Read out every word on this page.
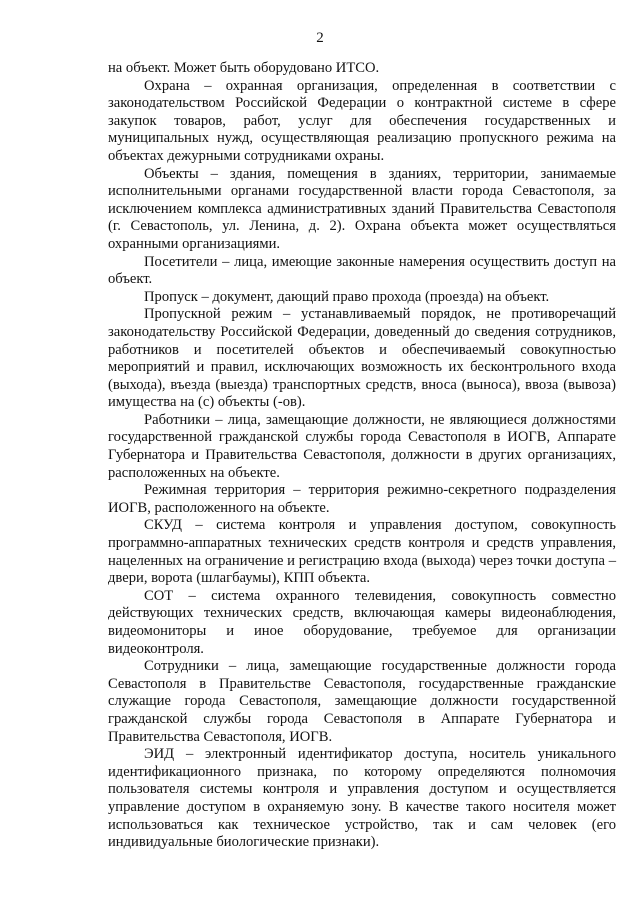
2

на объект. Может быть оборудовано ИТСО.

Охрана – охранная организация, определенная в соответствии с законодательством Российской Федерации о контрактной системе в сфере закупок товаров, работ, услуг для обеспечения государственных и муниципальных нужд, осуществляющая реализацию пропускного режима на объектах дежурными сотрудниками охраны.

Объекты – здания, помещения в зданиях, территории, занимаемые исполнительными органами государственной власти города Севастополя, за исключением комплекса административных зданий Правительства Севастополя (г. Севастополь, ул. Ленина, д. 2). Охрана объекта может осуществляться охранными организациями.

Посетители – лица, имеющие законные намерения осуществить доступ на объект.

Пропуск – документ, дающий право прохода (проезда) на объект.

Пропускной режим – устанавливаемый порядок, не противоречащий законодательству Российской Федерации, доведенный до сведения сотрудников, работников и посетителей объектов и обеспечиваемый совокупностью мероприятий и правил, исключающих возможность их бесконтрольного входа (выхода), въезда (выезда) транспортных средств, вноса (выноса), ввоза (вывоза) имущества на (с) объекты (-ов).

Работники – лица, замещающие должности, не являющиеся должностями государственной гражданской службы города Севастополя в ИОГВ, Аппарате Губернатора и Правительства Севастополя, должности в других организациях, расположенных на объекте.

Режимная территория – территория режимно-секретного подразделения ИОГВ, расположенного на объекте.

СКУД – система контроля и управления доступом, совокупность программно-аппаратных технических средств контроля и средств управления, нацеленных на ограничение и регистрацию входа (выхода) через точки доступа – двери, ворота (шлагбаумы), КПП объекта.

СОТ – система охранного телевидения, совокупность совместно действующих технических средств, включающая камеры видеонаблюдения, видеомониторы и иное оборудование, требуемое для организации видеоконтроля.

Сотрудники – лица, замещающие государственные должности города Севастополя в Правительстве Севастополя, государственные гражданские служащие города Севастополя, замещающие должности государственной гражданской службы города Севастополя в Аппарате Губернатора и Правительства Севастополя, ИОГВ.

ЭИД – электронный идентификатор доступа, носитель уникального идентификационного признака, по которому определяются полномочия пользователя системы контроля и управления доступом и осуществляется управление доступом в охраняемую зону. В качестве такого носителя может использоваться как техническое устройство, так и сам человек (его индивидуальные биологические признаки).
